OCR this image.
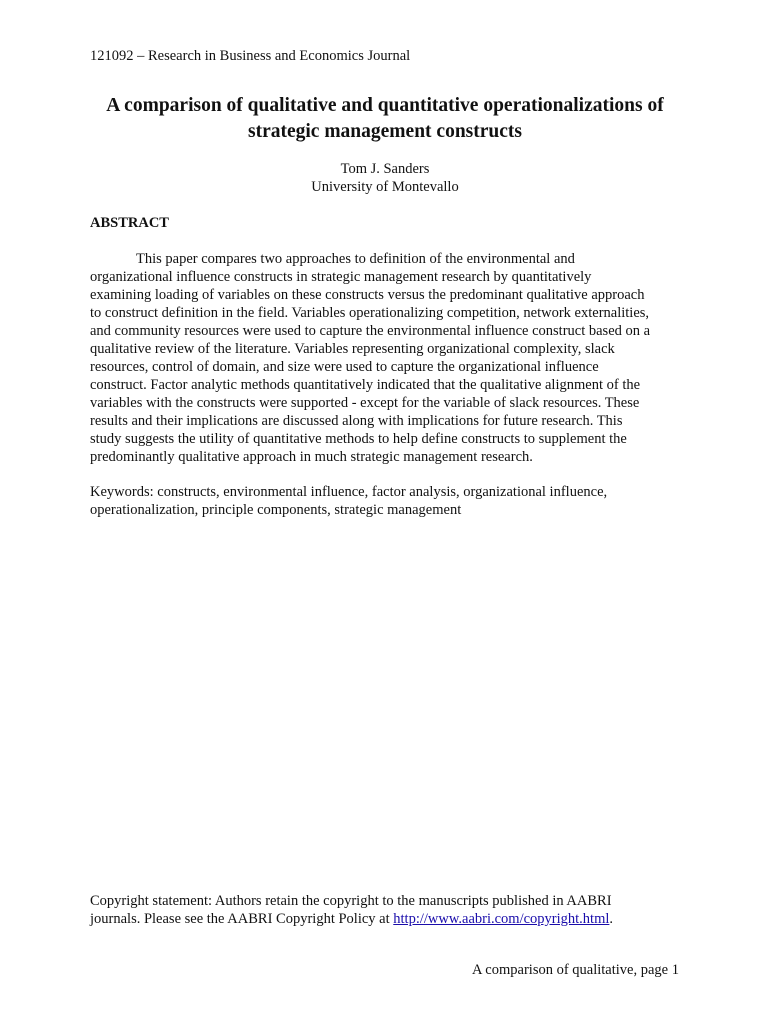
121092 – Research in Business and Economics Journal
A comparison of qualitative and quantitative operationalizations of
strategic management constructs
Tom J. Sanders
University of Montevallo
ABSTRACT
This paper compares two approaches to definition of the environmental and
organizational influence constructs in strategic management research by quantitatively
examining loading of variables on these constructs versus the predominant qualitative approach
to construct definition in the field. Variables operationalizing competition, network externalities,
and community resources were used to capture the environmental influence construct based on a
qualitative review of the literature. Variables representing organizational complexity, slack
resources, control of domain, and size were used to capture the organizational influence
construct. Factor analytic methods quantitatively indicated that the qualitative alignment of the
variables with the constructs were supported - except for the variable of slack resources. These
results and their implications are discussed along with implications for future research. This
study suggests the utility of quantitative methods to help define constructs to supplement the
predominantly qualitative approach in much strategic management research.
Keywords: constructs, environmental influence, factor analysis, organizational influence,
operationalization, principle components, strategic management
Copyright statement: Authors retain the copyright to the manuscripts published in AABRI
journals. Please see the AABRI Copyright Policy at http://www.aabri.com/copyright.html.
A comparison of qualitative, page 1
